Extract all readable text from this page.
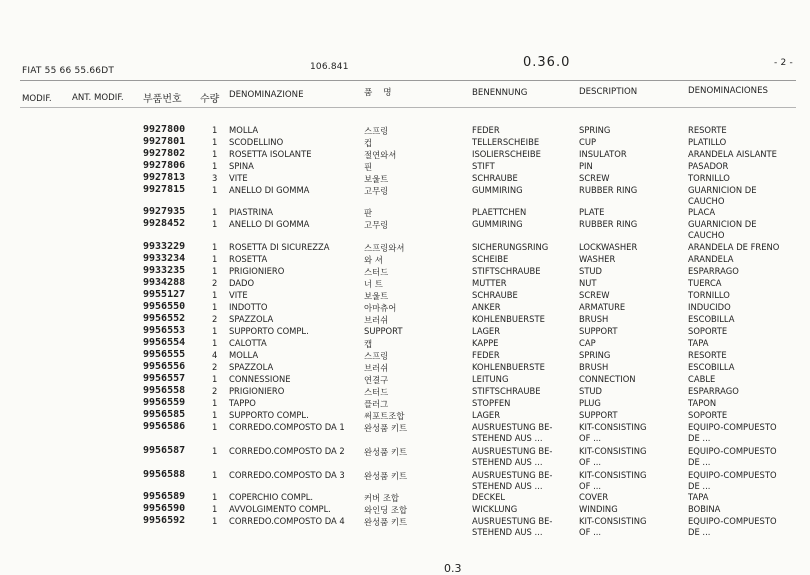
FIAT 55 66 55.66DT	106.841	0.36.0	- 2 -
MODIF. ANT. MODIF. 부품번호 수량 DENOMINAZIONE	품    명	BENENNUNG	DESCRIPTION	DENOMINACIONES
9927800	1 MOLLA	스프링	FEDER	SPRING	RESORTE
9927801	1 SCODELLINO	컵	TELLERSCHEIBE	CUP	PLATILLO
9927802	1 ROSETTA ISOLANTE	절연와셔	ISOLIERSCHEIBE	INSULATOR	ARANDELA AISLANTE
9927806	1 SPINA	핀	STIFT	PIN	PASADOR
9927813	3 VITE	보울트	SCHRAUBE	SCREW	TORNILLO
9927815	1 ANELLO DI GOMMA	고무링	GUMMIRING	RUBBER RING	GUARNICION DE
CAUCHO
9927935	1 PIASTRINA	판	PLAETTCHEN	PLATE	PLACA
9928452	1 ANELLO DI GOMMA	고무링	GUMMIRING	RUBBER RING	GUARNICION DE
CAUCHO
9933229	1 ROSETTA DI SICUREZZA	스프링와셔	SICHERUNGSRING	LOCKWASHER	ARANDELA DE FRENO
9933234	1 ROSETTA	와 셔	SCHEIBE	WASHER	ARANDELA
9933235	1 PRIGIONIERO	스터드	STIFTSCHRAUBE	STUD	ESPARRAGO
9934288	2 DADO	너 트	MUTTER	NUT	TUERCA
9955127	1 VITE	보울트	SCHRAUBE	SCREW	TORNILLO
9956550	1 INDOTTO	아마츄어	ANKER	ARMATURE	INDUCIDO
9956552	2 SPAZZOLA	브러쉬	KOHLENBUERSTE	BRUSH	ESCOBILLA
9956553	1 SUPPORTO COMPL.	SUPPORT	LAGER	SUPPORT	SOPORTE
9956554	1 CALOTTA	캡	KAPPE	CAP	TAPA
9956555	4 MOLLA	스프링	FEDER	SPRING	RESORTE
9956556	2 SPAZZOLA	브러쉬	KOHLENBUERSTE	BRUSH	ESCOBILLA
9956557	1 CONNESSIONE	연결구	LEITUNG	CONNECTION	CABLE
9956558	2 PRIGIONIERO	스터드	STIFTSCHRAUBE	STUD	ESPARRAGO
9956559	1 TAPPO	플러그	STOPFEN	PLUG	TAPON
9956585	1 SUPPORTO COMPL.	써포트조합	LAGER	SUPPORT	SOPORTE
9956586	1 CORREDO.COMPOSTO DA 1 완성품 키트	AUSRUESTUNG BE-	KIT-CONSISTING	EQUIPO-COMPUESTO
STEHEND AUS ...	OF ...	DE ...
9956587	1 CORREDO.COMPOSTO DA 2 완성품 키트	AUSRUESTUNG BE-	KIT-CONSISTING	EQUIPO-COMPUESTO
STEHEND AUS ...	OF ...	DE ...
9956588	1 CORREDO.COMPOSTO DA 3 완성품 키트	AUSRUESTUNG BE-	KIT-CONSISTING	EQUIPO-COMPUESTO
STEHEND AUS ...	OF ...	DE ...
9956589	1 COPERCHIO COMPL.	커버 조합	DECKEL	COVER	TAPA
9956590	1 AVVOLGIMENTO COMPL.	와인딩 조합	WICKLUNG	WINDING	BOBINA
9956592	1 CORREDO.COMPOSTO DA 4 완성품 키트	AUSRUESTUNG BE-	KIT-CONSISTING	EQUIPO-COMPUESTO
STEHEND AUS ...	OF ...	DE ...
0.3
